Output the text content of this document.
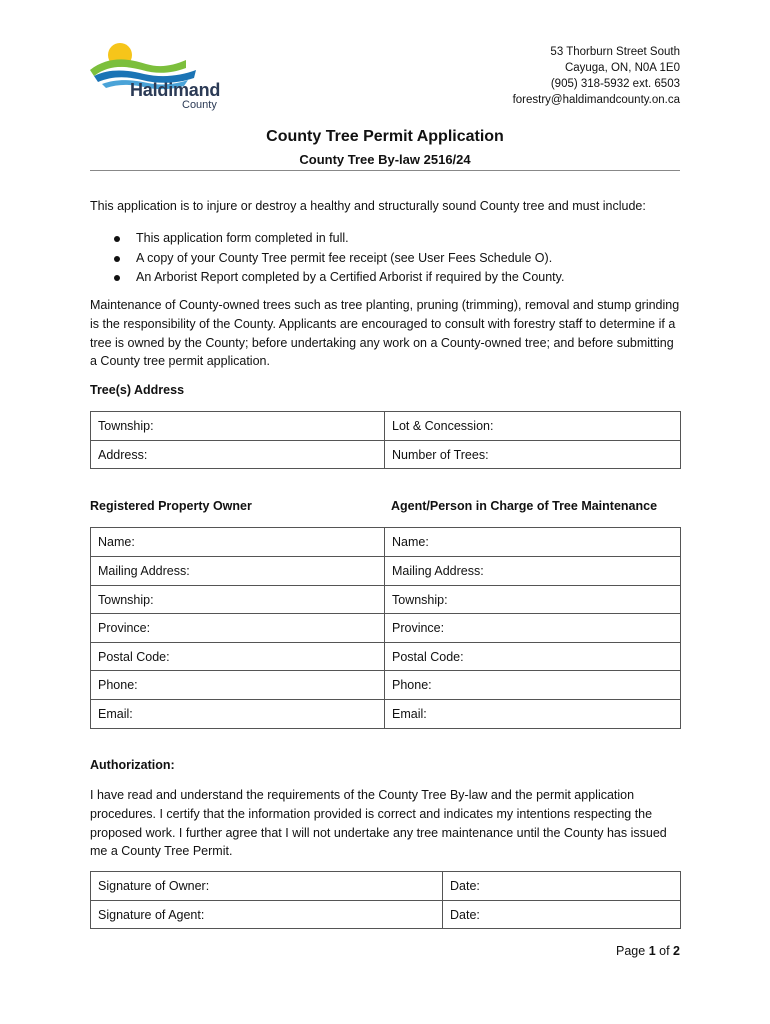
Haldimand
County
53 Thorburn Street South
Cayuga, ON, N0A 1E0
(905) 318-5932 ext. 6503
forestry@haldimandcounty.on.ca
County Tree Permit Application
County Tree By-law 2516/24
This application is to injure or destroy a healthy and structurally sound County tree and must include:
This application form completed in full.
A copy of your County Tree permit fee receipt (see User Fees Schedule O).
An Arborist Report completed by a Certified Arborist if required by the County.
Maintenance of County-owned trees such as tree planting, pruning (trimming), removal and stump grinding is the responsibility of the County. Applicants are encouraged to consult with forestry staff to determine if a tree is owned by the County; before undertaking any work on a County-owned tree; and before submitting a County tree permit application.
Tree(s) Address
Township:	Lot & Concession:
Address:	Number of Trees:
Registered Property Owner	Agent/Person in Charge of Tree Maintenance
Name:	Name:
Mailing Address:	Mailing Address:
Township:	Township:
Province:	Province:
Postal Code:	Postal Code:
Phone:	Phone:
Email:	Email:
Authorization:
I have read and understand the requirements of the County Tree By-law and the permit application procedures. I certify that the information provided is correct and indicates my intentions respecting the proposed work. I further agree that I will not undertake any tree maintenance until the County has issued me a County Tree Permit.
Signature of Owner:	Date:
Signature of Agent:	Date:
Page 1 of 2
